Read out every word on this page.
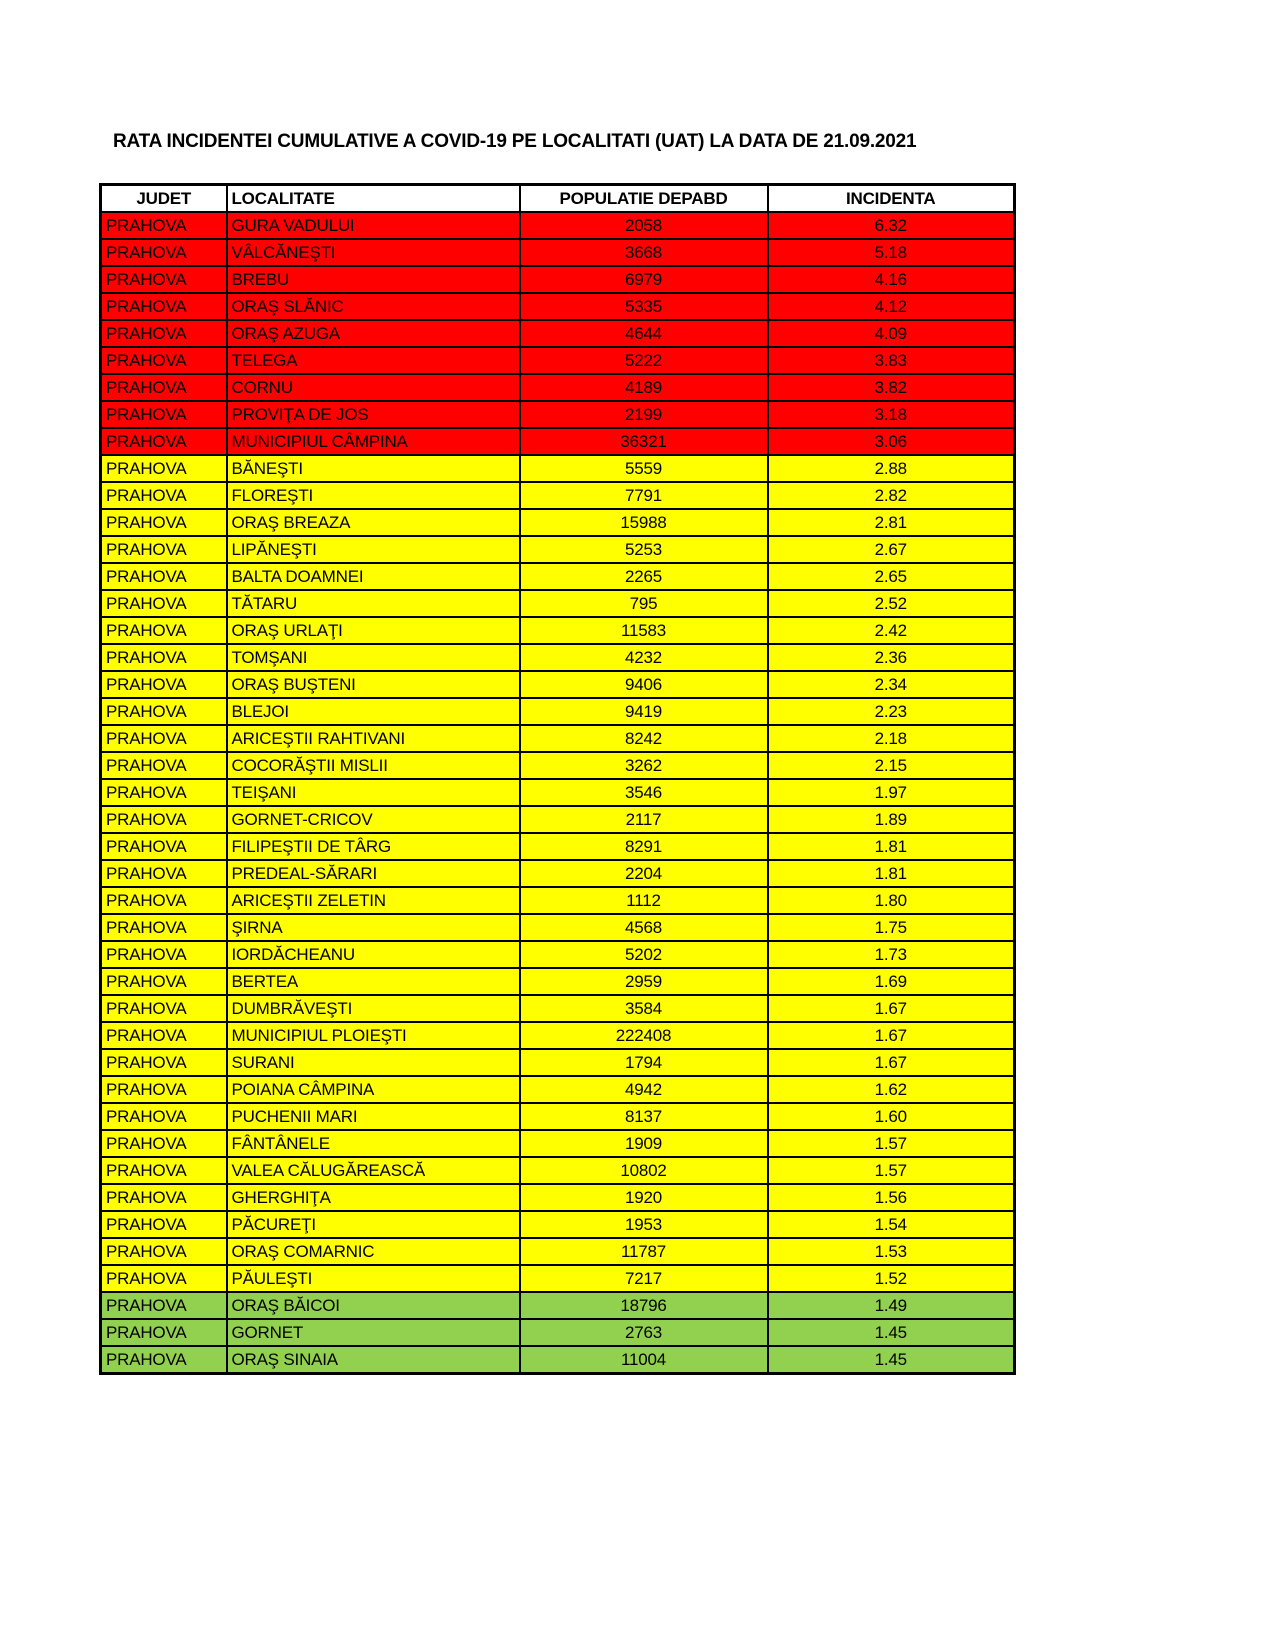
RATA INCIDENTEI CUMULATIVE A COVID-19 PE LOCALITATI (UAT) LA DATA DE 21.09.2021
JUDET	LOCALITATE	POPULATIE DEPABD	INCIDENTA
PRAHOVA	GURA VADULUI	2058	6.32
PRAHOVA	VÂLCĂNEŞTI	3668	5.18
PRAHOVA	BREBU	6979	4.16
PRAHOVA	ORAŞ SLĂNIC	5335	4.12
PRAHOVA	ORAŞ AZUGA	4644	4.09
PRAHOVA	TELEGA	5222	3.83
PRAHOVA	CORNU	4189	3.82
PRAHOVA	PROVIŢA DE JOS	2199	3.18
PRAHOVA	MUNICIPIUL CÂMPINA	36321	3.06
PRAHOVA	BĂNEŞTI	5559	2.88
PRAHOVA	FLOREŞTI	7791	2.82
PRAHOVA	ORAŞ BREAZA	15988	2.81
PRAHOVA	LIPĂNEŞTI	5253	2.67
PRAHOVA	BALTA DOAMNEI	2265	2.65
PRAHOVA	TĂTARU	795	2.52
PRAHOVA	ORAŞ URLAŢI	11583	2.42
PRAHOVA	TOMŞANI	4232	2.36
PRAHOVA	ORAŞ BUŞTENI	9406	2.34
PRAHOVA	BLEJOI	9419	2.23
PRAHOVA	ARICEŞTII RAHTIVANI	8242	2.18
PRAHOVA	COCORĂŞTII MISLII	3262	2.15
PRAHOVA	TEIŞANI	3546	1.97
PRAHOVA	GORNET-CRICOV	2117	1.89
PRAHOVA	FILIPEŞTII DE TÂRG	8291	1.81
PRAHOVA	PREDEAL-SĂRARI	2204	1.81
PRAHOVA	ARICEŞTII ZELETIN	1112	1.80
PRAHOVA	ŞIRNA	4568	1.75
PRAHOVA	IORDĂCHEANU	5202	1.73
PRAHOVA	BERTEA	2959	1.69
PRAHOVA	DUMBRĂVEŞTI	3584	1.67
PRAHOVA	MUNICIPIUL PLOIEŞTI	222408	1.67
PRAHOVA	SURANI	1794	1.67
PRAHOVA	POIANA CÂMPINA	4942	1.62
PRAHOVA	PUCHENII MARI	8137	1.60
PRAHOVA	FÂNTÂNELE	1909	1.57
PRAHOVA	VALEA CĂLUGĂREASCĂ	10802	1.57
PRAHOVA	GHERGHIŢA	1920	1.56
PRAHOVA	PĂCUREŢI	1953	1.54
PRAHOVA	ORAŞ COMARNIC	11787	1.53
PRAHOVA	PĂULEŞTI	7217	1.52
PRAHOVA	ORAŞ BĂICOI	18796	1.49
PRAHOVA	GORNET	2763	1.45
PRAHOVA	ORAŞ SINAIA	11004	1.45
